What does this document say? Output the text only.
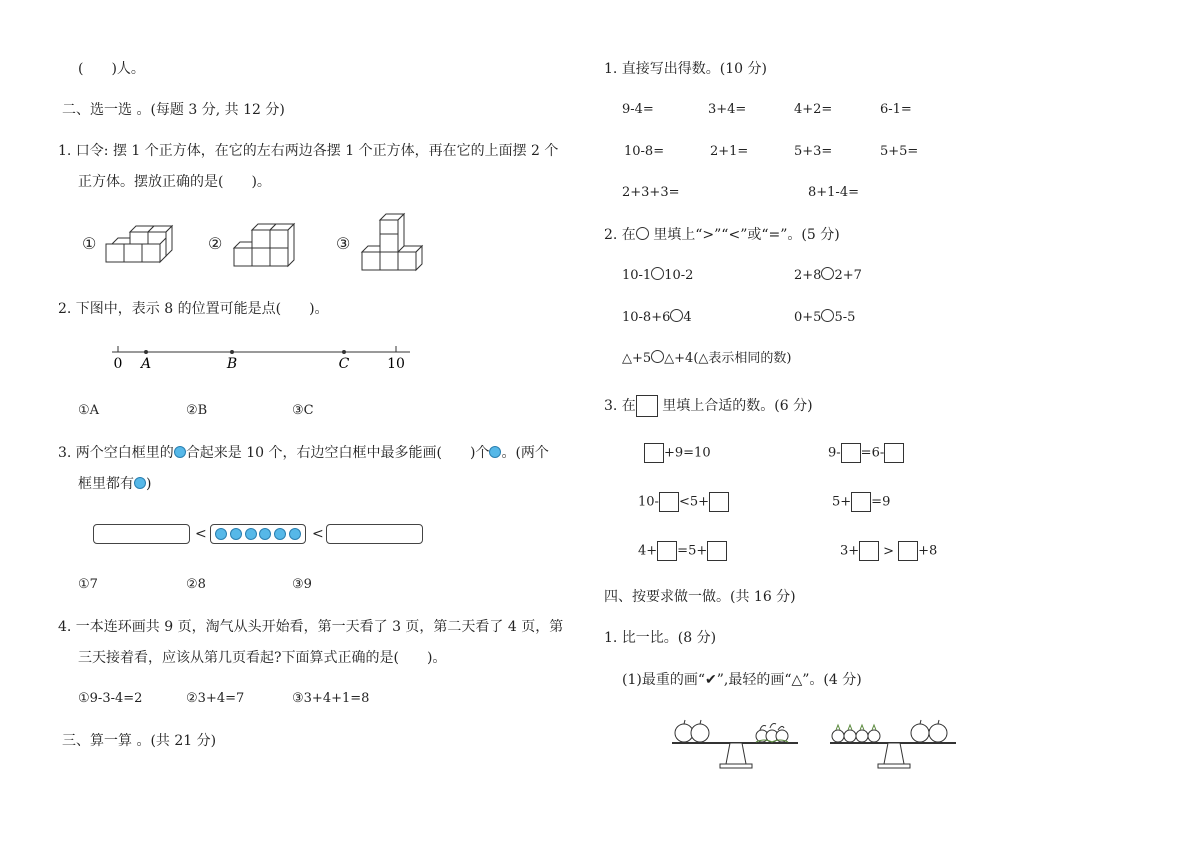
(　　)人。
二、选一选 。(每题 3 分, 共 12 分)
1. 口令: 摆 1 个正方体，在它的左右两边各摆 1 个正方体，再在它的上面摆 2 个
正方体。摆放正确的是(　　)。
①	②	③
2. 下图中，表示 8 的位置可能是点(　　)。
0 A	B	C	10
①A	②B	③C
3. 两个空白框里的 合起来是 10 个，右边空白框中最多能画(　　)个 。(两个
框里都有 )
<	<
①7	②8	③9
4. 一本连环画共 9 页，淘气从头开始看，第一天看了 3 页，第二天看了 4 页，第
三天接着看，应该从第几页看起?下面算式正确的是(　　)。
①9-3-4=2	②3+4=7	③3+4+1=8
三、算一算 。(共 21 分)
1. 直接写出得数。(10 分)
9-4=	3+4=	4+2=	6-1=
10-8=	2+1=	5+3=	5+5=
2+3+3=	8+1-4=
2. 在 里填上“>”“<”或“=”。(5 分)
10-1 10-2	2+8 2+7
10-8+6 4	0+5 5-5
△+5 △+4(△表示相同的数)
3. 在 里填上合适的数。(6 分)
+9=10	9- =6-
10- <5+	5+ =9
4+ =5+	3+ > +8
四、按要求做一做。(共 16 分)
1. 比一比。(8 分)
(1)最重的画“✔”,最轻的画“△”。(4 分)
